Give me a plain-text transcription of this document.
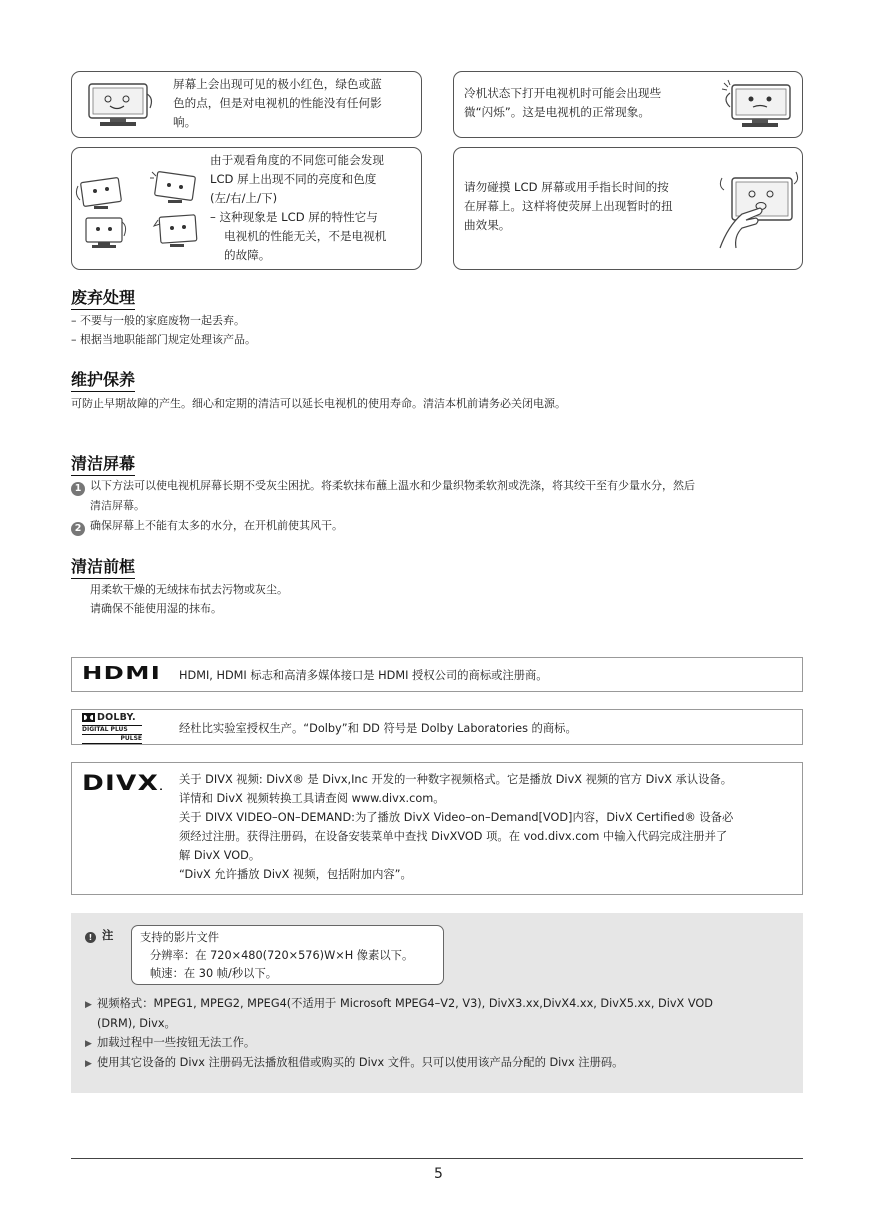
屏幕上会出现可见的极小红色，绿色或蓝
色的点，但是对电视机的性能没有任何影
响。
冷机状态下打开电视机时可能会出现些
微“闪烁”。这是电视机的正常现象。
由于观看角度的不同您可能会发现
LCD 屏上出现不同的亮度和色度
(左/右/上/下)
– 这种现象是 LCD 屏的特性它与
电视机的性能无关，不是电视机
的故障。
请勿碰摸 LCD 屏幕或用手指长时间的按
在屏幕上。这样将使荧屏上出现暂时的扭
曲效果。
废弃处理
– 不要与一般的家庭废物一起丢弃。
– 根据当地职能部门规定处理该产品。
维护保养
可防止早期故障的产生。细心和定期的清洁可以延长电视机的使用寿命。清洁本机前请务必关闭电源。
清洁屏幕
1 以下方法可以使电视机屏幕长期不受灰尘困扰。将柔软抹布蘸上温水和少量织物柔软剂或洗涤，将其绞干至有少量水分，然后
清洁屏幕。
2 确保屏幕上不能有太多的水分，在开机前使其风干。
清洁前框
用柔软干燥的无绒抹布拭去污物或灰尘。
请确保不能使用湿的抹布。
HDMI HDMI, HDMI 标志和高清多媒体接口是 HDMI 授权公司的商标或注册商。
DOLBY.
DIGITAL PLUS
PULSE
经杜比实验室授权生产。“Dolby”和 DD 符号是 Dolby Laboratories 的商标。
DIVX.
关于 DIVX 视频: DivX® 是 Divx,Inc 开发的一种数字视频格式。它是播放 DivX 视频的官方 DivX 承认设备。
详情和 DivX 视频转换工具请查阅 www.divx.com。
关于 DIVX VIDEO–ON–DEMAND:为了播放 DivX Video–on–Demand[VOD]内容，DivX Certified® 设备必
须经过注册。获得注册码，在设备安装菜单中查找 DivXVOD 项。在 vod.divx.com 中输入代码完成注册并了
解 DivX VOD。
“DivX 允许播放 DivX 视频，包括附加内容”。
! 注 支持的影片文件
分辨率：在 720×480(720×576)W×H 像素以下。
帧速：在 30 帧/秒以下。
▶ 视频格式：MPEG1, MPEG2, MPEG4(不适用于 Microsoft MPEG4–V2, V3), DivX3.xx,DivX4.xx, DivX5.xx, DivX VOD
(DRM), Divx。
▶ 加载过程中一些按钮无法工作。
▶ 使用其它设备的 Divx 注册码无法播放租借或购买的 Divx 文件。只可以使用该产品分配的 Divx 注册码。
5
